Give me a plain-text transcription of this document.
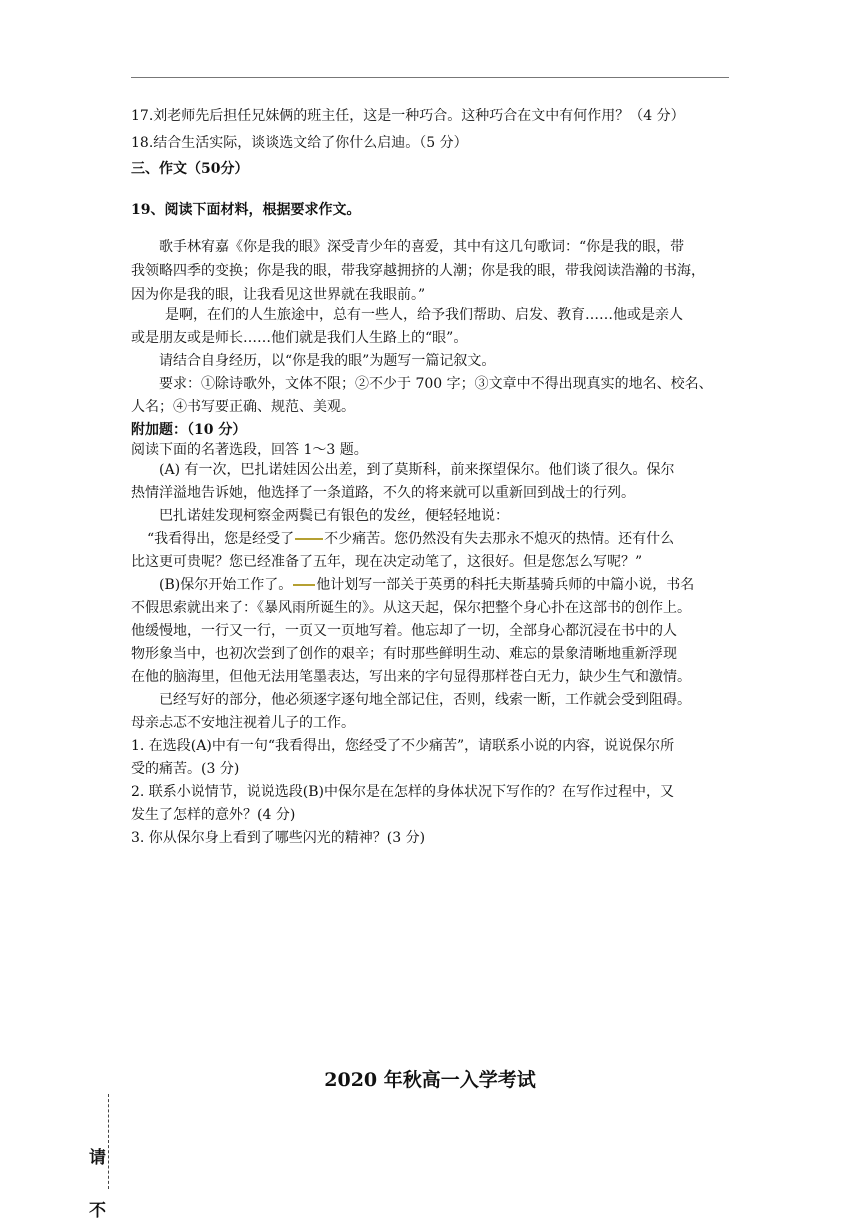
17.刘老师先后担任兄妹俩的班主任，这是一种巧合。这种巧合在文中有何作用？（4 分）
18.结合生活实际，谈谈选文给了你什么启迪。（5 分）
三、作文（50分）
19、阅读下面材料，根据要求作文。
歌手林宥嘉《你是我的眼》深受青少年的喜爱，其中有这几句歌词：“你是我的眼，带
我领略四季的变换；你是我的眼，带我穿越拥挤的人潮；你是我的眼，带我阅读浩瀚的书海，
因为你是我的眼，让我看见这世界就在我眼前。”
是啊，在们的人生旅途中，总有一些人，给予我们帮助、启发、教育……他或是亲人
或是朋友或是师长……他们就是我们人生路上的“眼”。
请结合自身经历，以“你是我的眼”为题写一篇记叙文。
要求：①除诗歌外，文体不限；②不少于 700 字；③文章中不得出现真实的地名、校名、
人名；④书写要正确、规范、美观。
附加题：（10 分）
阅读下面的名著选段，回答 1～3 题。
(A) 有一次，巴扎诺娃因公出差，到了莫斯科，前来探望保尔。他们谈了很久。保尔
热情洋溢地告诉她，他选择了一条道路，不久的将来就可以重新回到战士的行列。
巴扎诺娃发现柯察金两鬓已有银色的发丝，便轻轻地说：
“我看得出，您是经受了 不少痛苦。您仍然没有失去那永不熄灭的热情。还有什么
比这更可贵呢？您已经准备了五年，现在决定动笔了，这很好。但是您怎么写呢？”
(B)保尔开始工作了。 他计划写一部关于英勇的科托夫斯基骑兵师的中篇小说，书名
不假思索就出来了：《暴风雨所诞生的》。从这天起，保尔把整个身心扑在这部书的创作上。
他缓慢地，一行又一行，一页又一页地写着。他忘却了一切，全部身心都沉浸在书中的人
物形象当中，也初次尝到了创作的艰辛；有时那些鲜明生动、难忘的景象清晰地重新浮现
在他的脑海里，但他无法用笔墨表达，写出来的字句显得那样苍白无力，缺少生气和激情。
已经写好的部分，他必须逐字逐句地全部记住，否则，线索一断，工作就会受到阻碍。
母亲忐忑不安地注视着儿子的工作。
1. 在选段(A)中有一句“我看得出，您经受了不少痛苦”，请联系小说的内容，说说保尔所
受的痛苦。(3 分)
2. 联系小说情节，说说选段(B)中保尔是在怎样的身体状况下写作的？在写作过程中，又
发生了怎样的意外？(4 分)
3. 你从保尔身上看到了哪些闪光的精神？(3 分)
2020 年秋高一入学考试
请
不
